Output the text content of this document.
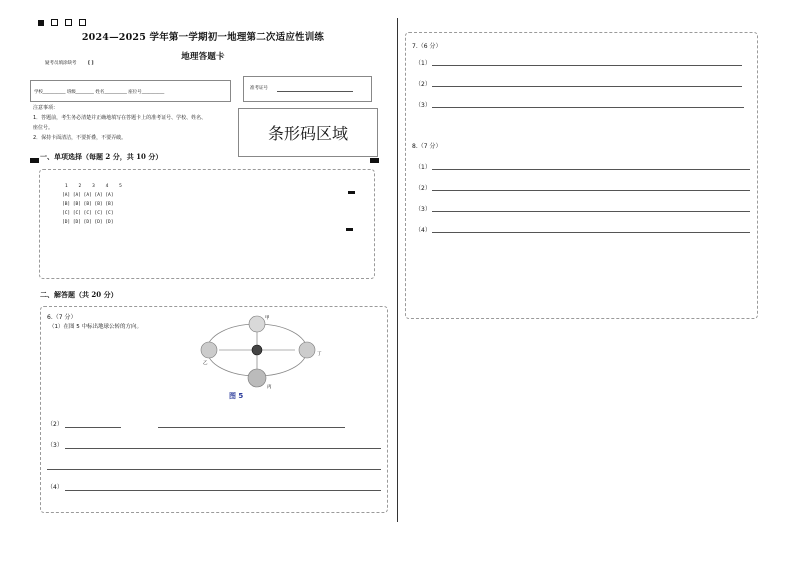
2024—2025 学年第一学期初一地理第二次适应性训练
地理答题卡
疑考员填涂缺考	[ ]
学校__________ 班级________ 姓名__________ 座位号__________
准考证号
注意事项：
1．答题前，考生务必清楚并正确地填写在答题卡上的准考证号、学校、姓名、
座位号。
2．保持卡面清洁，不要折叠，不要弄破。	条形码区域
一、单项选择（每题 2 分，共 10 分）
1    2    3    4    5
[A] [A] [A] [A] [A]
[B] [B] [B] [B] [B]
[C] [C] [C] [C] [C]
[D] [D] [D] [D] [D]
二、解答题（共 20 分）
6.（7 分）
（1）在图 5 中标出地球公转的方向。
甲
乙
丙
丁
图 5
（2）
（3）
（4）
7.（6 分）
（1）
（2）
（3）
8.（7 分）
（1）
（2）
（3）
（4）
